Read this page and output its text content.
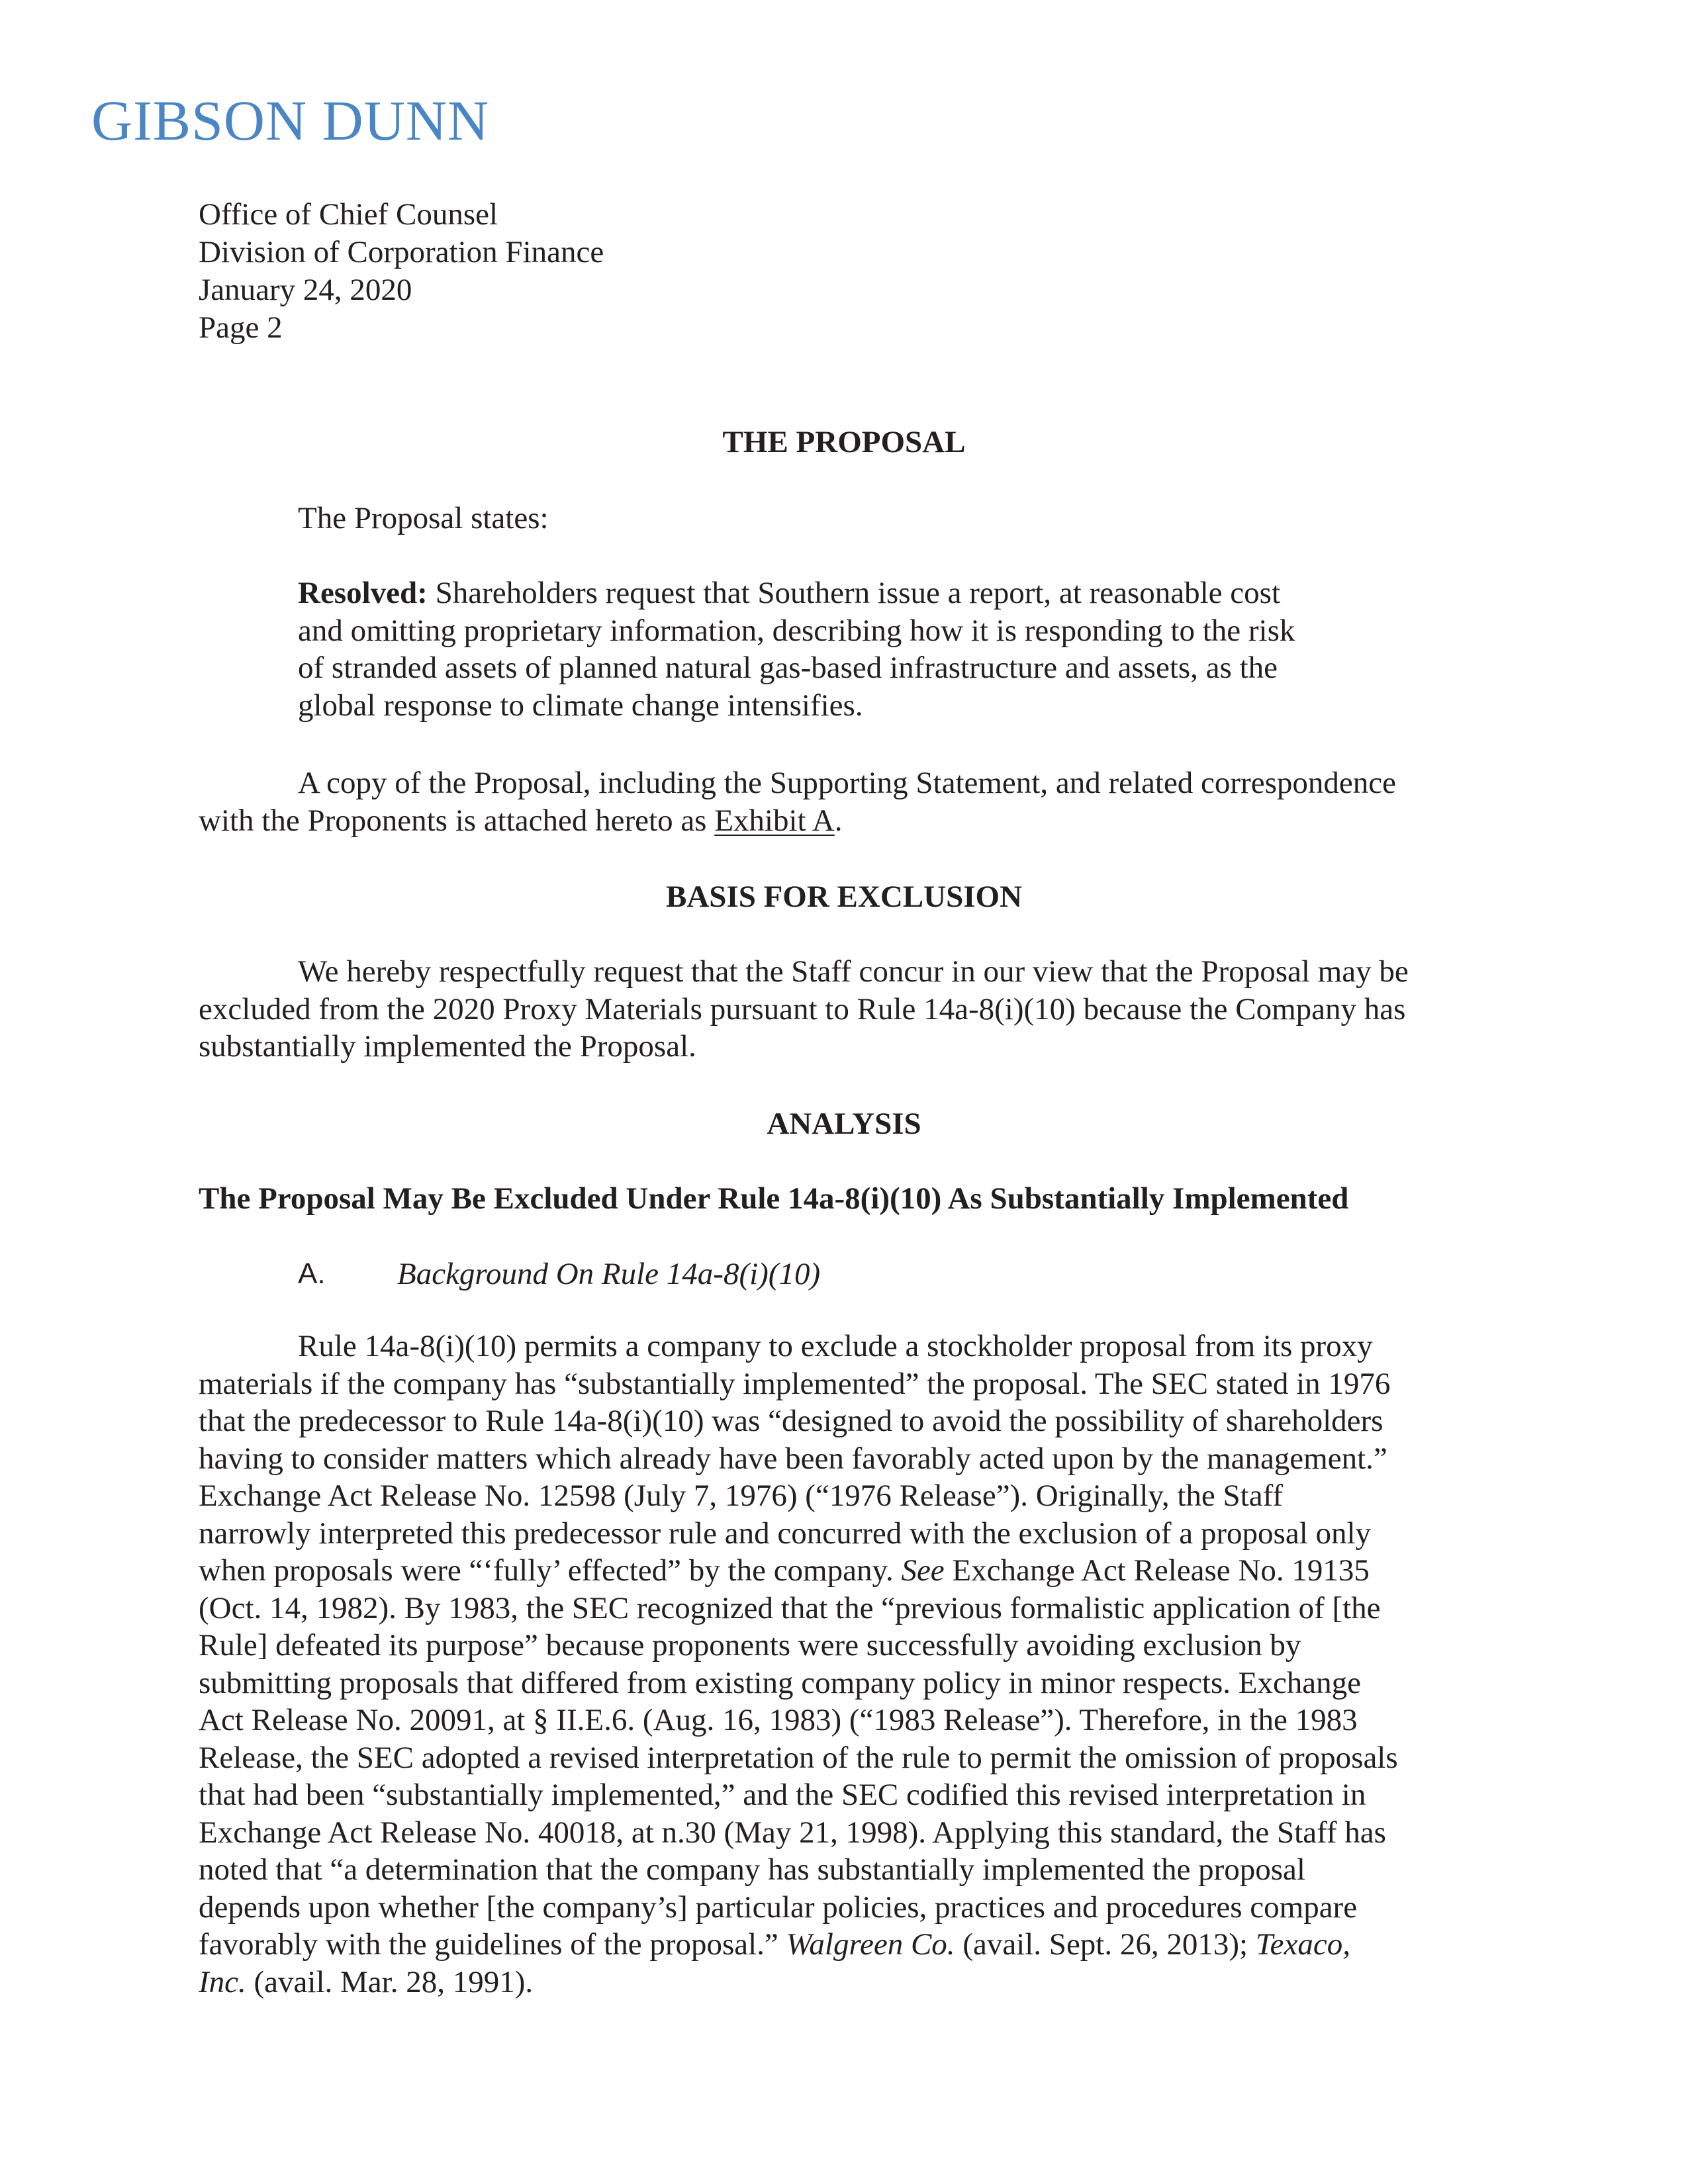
GIBSON DUNN
Office of Chief Counsel
Division of Corporation Finance
January 24, 2020
Page 2
THE PROPOSAL
The Proposal states:
Resolved: Shareholders request that Southern issue a report, at reasonable cost
and omitting proprietary information, describing how it is responding to the risk
of stranded assets of planned natural gas-based infrastructure and assets, as the
global response to climate change intensifies.
A copy of the Proposal, including the Supporting Statement, and related correspondence
with the Proponents is attached hereto as Exhibit A.
BASIS FOR EXCLUSION
We hereby respectfully request that the Staff concur in our view that the Proposal may be
excluded from the 2020 Proxy Materials pursuant to Rule 14a-8(i)(10) because the Company has
substantially implemented the Proposal.
ANALYSIS
The Proposal May Be Excluded Under Rule 14a-8(i)(10) As Substantially Implemented
A. Background On Rule 14a-8(i)(10)
Rule 14a-8(i)(10) permits a company to exclude a stockholder proposal from its proxy
materials if the company has “substantially implemented” the proposal. The SEC stated in 1976
that the predecessor to Rule 14a-8(i)(10) was “designed to avoid the possibility of shareholders
having to consider matters which already have been favorably acted upon by the management.”
Exchange Act Release No. 12598 (July 7, 1976) (“1976 Release”). Originally, the Staff
narrowly interpreted this predecessor rule and concurred with the exclusion of a proposal only
when proposals were “‘fully’ effected” by the company. See Exchange Act Release No. 19135
(Oct. 14, 1982). By 1983, the SEC recognized that the “previous formalistic application of [the
Rule] defeated its purpose” because proponents were successfully avoiding exclusion by
submitting proposals that differed from existing company policy in minor respects. Exchange
Act Release No. 20091, at § II.E.6. (Aug. 16, 1983) (“1983 Release”). Therefore, in the 1983
Release, the SEC adopted a revised interpretation of the rule to permit the omission of proposals
that had been “substantially implemented,” and the SEC codified this revised interpretation in
Exchange Act Release No. 40018, at n.30 (May 21, 1998). Applying this standard, the Staff has
noted that “a determination that the company has substantially implemented the proposal
depends upon whether [the company’s] particular policies, practices and procedures compare
favorably with the guidelines of the proposal.” Walgreen Co. (avail. Sept. 26, 2013); Texaco,
Inc. (avail. Mar. 28, 1991).
